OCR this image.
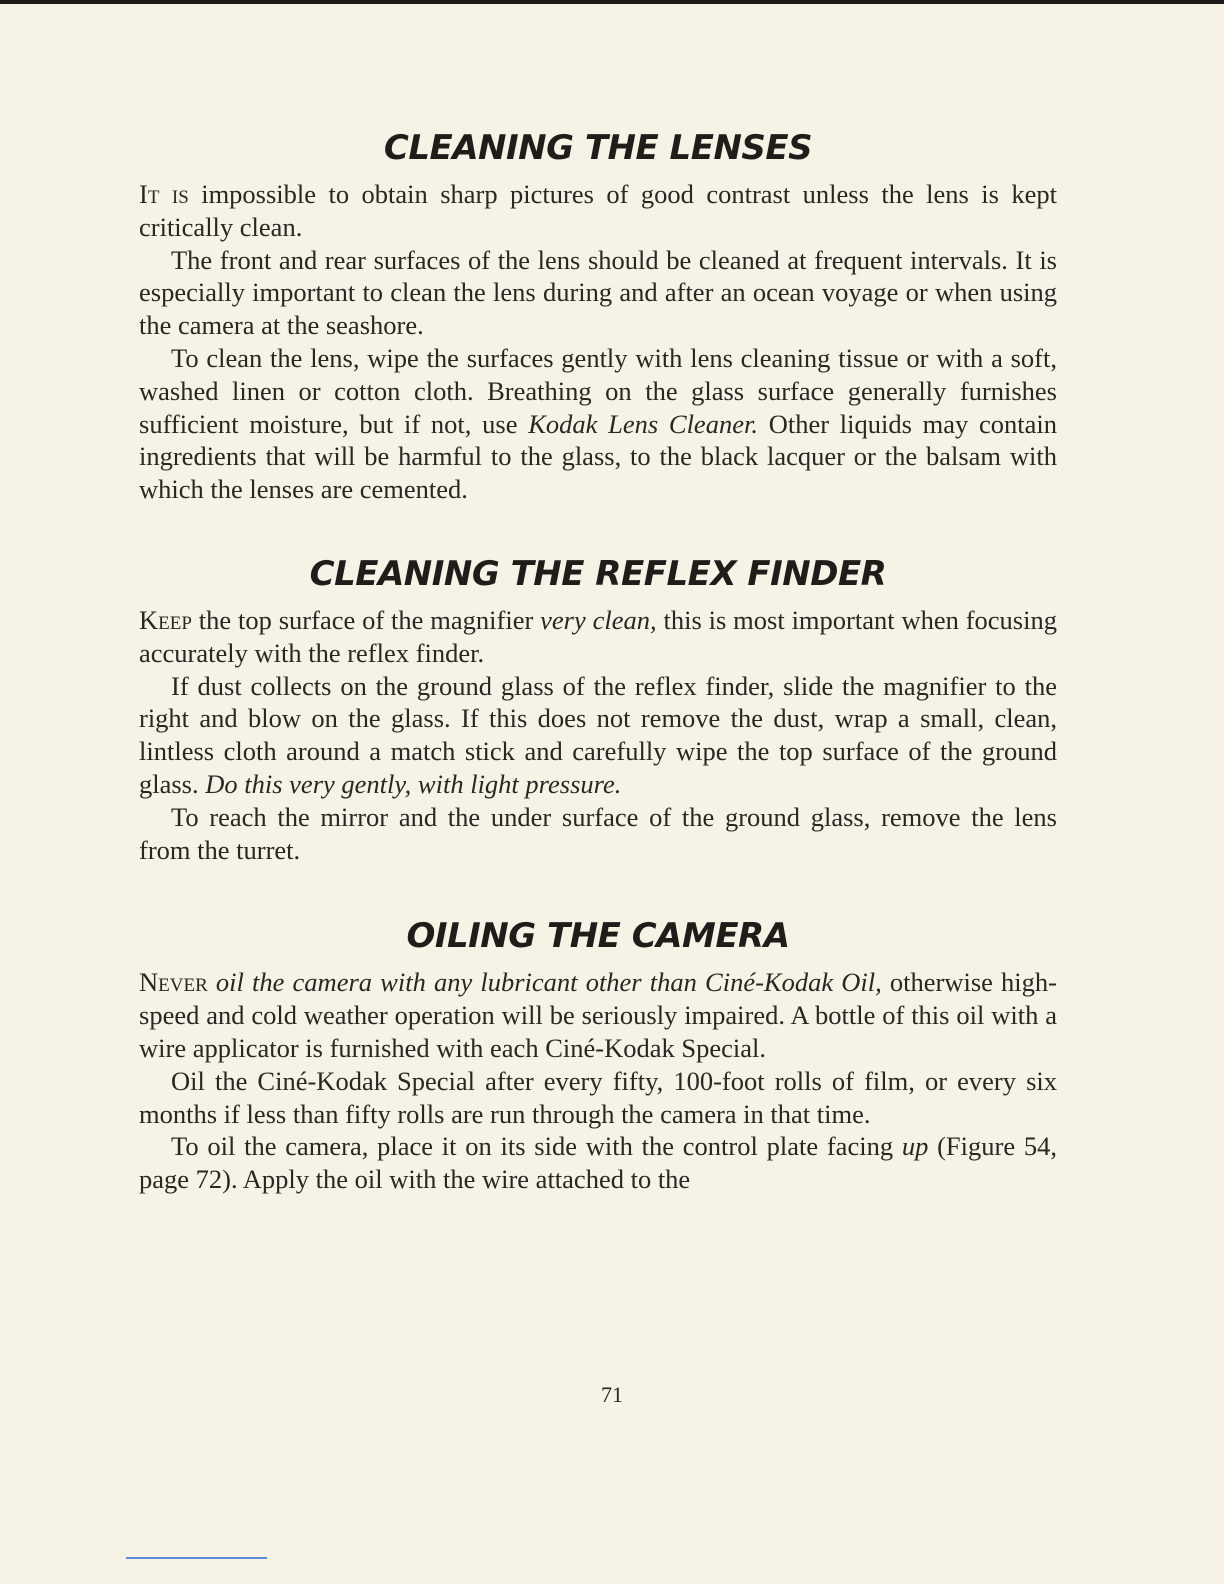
CLEANING THE LENSES

It is impossible to obtain sharp pictures of good contrast unless the lens is kept critically clean.

The front and rear surfaces of the lens should be cleaned at frequent intervals. It is especially important to clean the lens during and after an ocean voyage or when using the camera at the seashore.

To clean the lens, wipe the surfaces gently with lens cleaning tissue or with a soft, washed linen or cotton cloth. Breathing on the glass surface generally furnishes sufficient moisture, but if not, use Kodak Lens Cleaner. Other liquids may contain ingredients that will be harmful to the glass, to the black lacquer or the balsam with which the lenses are cemented.

CLEANING THE REFLEX FINDER

Keep the top surface of the magnifier very clean, this is most important when focusing accurately with the reflex finder.

If dust collects on the ground glass of the reflex finder, slide the magnifier to the right and blow on the glass. If this does not remove the dust, wrap a small, clean, lintless cloth around a match stick and carefully wipe the top surface of the ground glass. Do this very gently, with light pressure.

To reach the mirror and the under surface of the ground glass, remove the lens from the turret.

OILING THE CAMERA

Never oil the camera with any lubricant other than Ciné-Kodak Oil, otherwise high-speed and cold weather operation will be seriously impaired. A bottle of this oil with a wire applicator is furnished with each Ciné-Kodak Special.

Oil the Ciné-Kodak Special after every fifty, 100-foot rolls of film, or every six months if less than fifty rolls are run through the camera in that time.

To oil the camera, place it on its side with the control plate facing up (Figure 54, page 72). Apply the oil with the wire attached to the

71
